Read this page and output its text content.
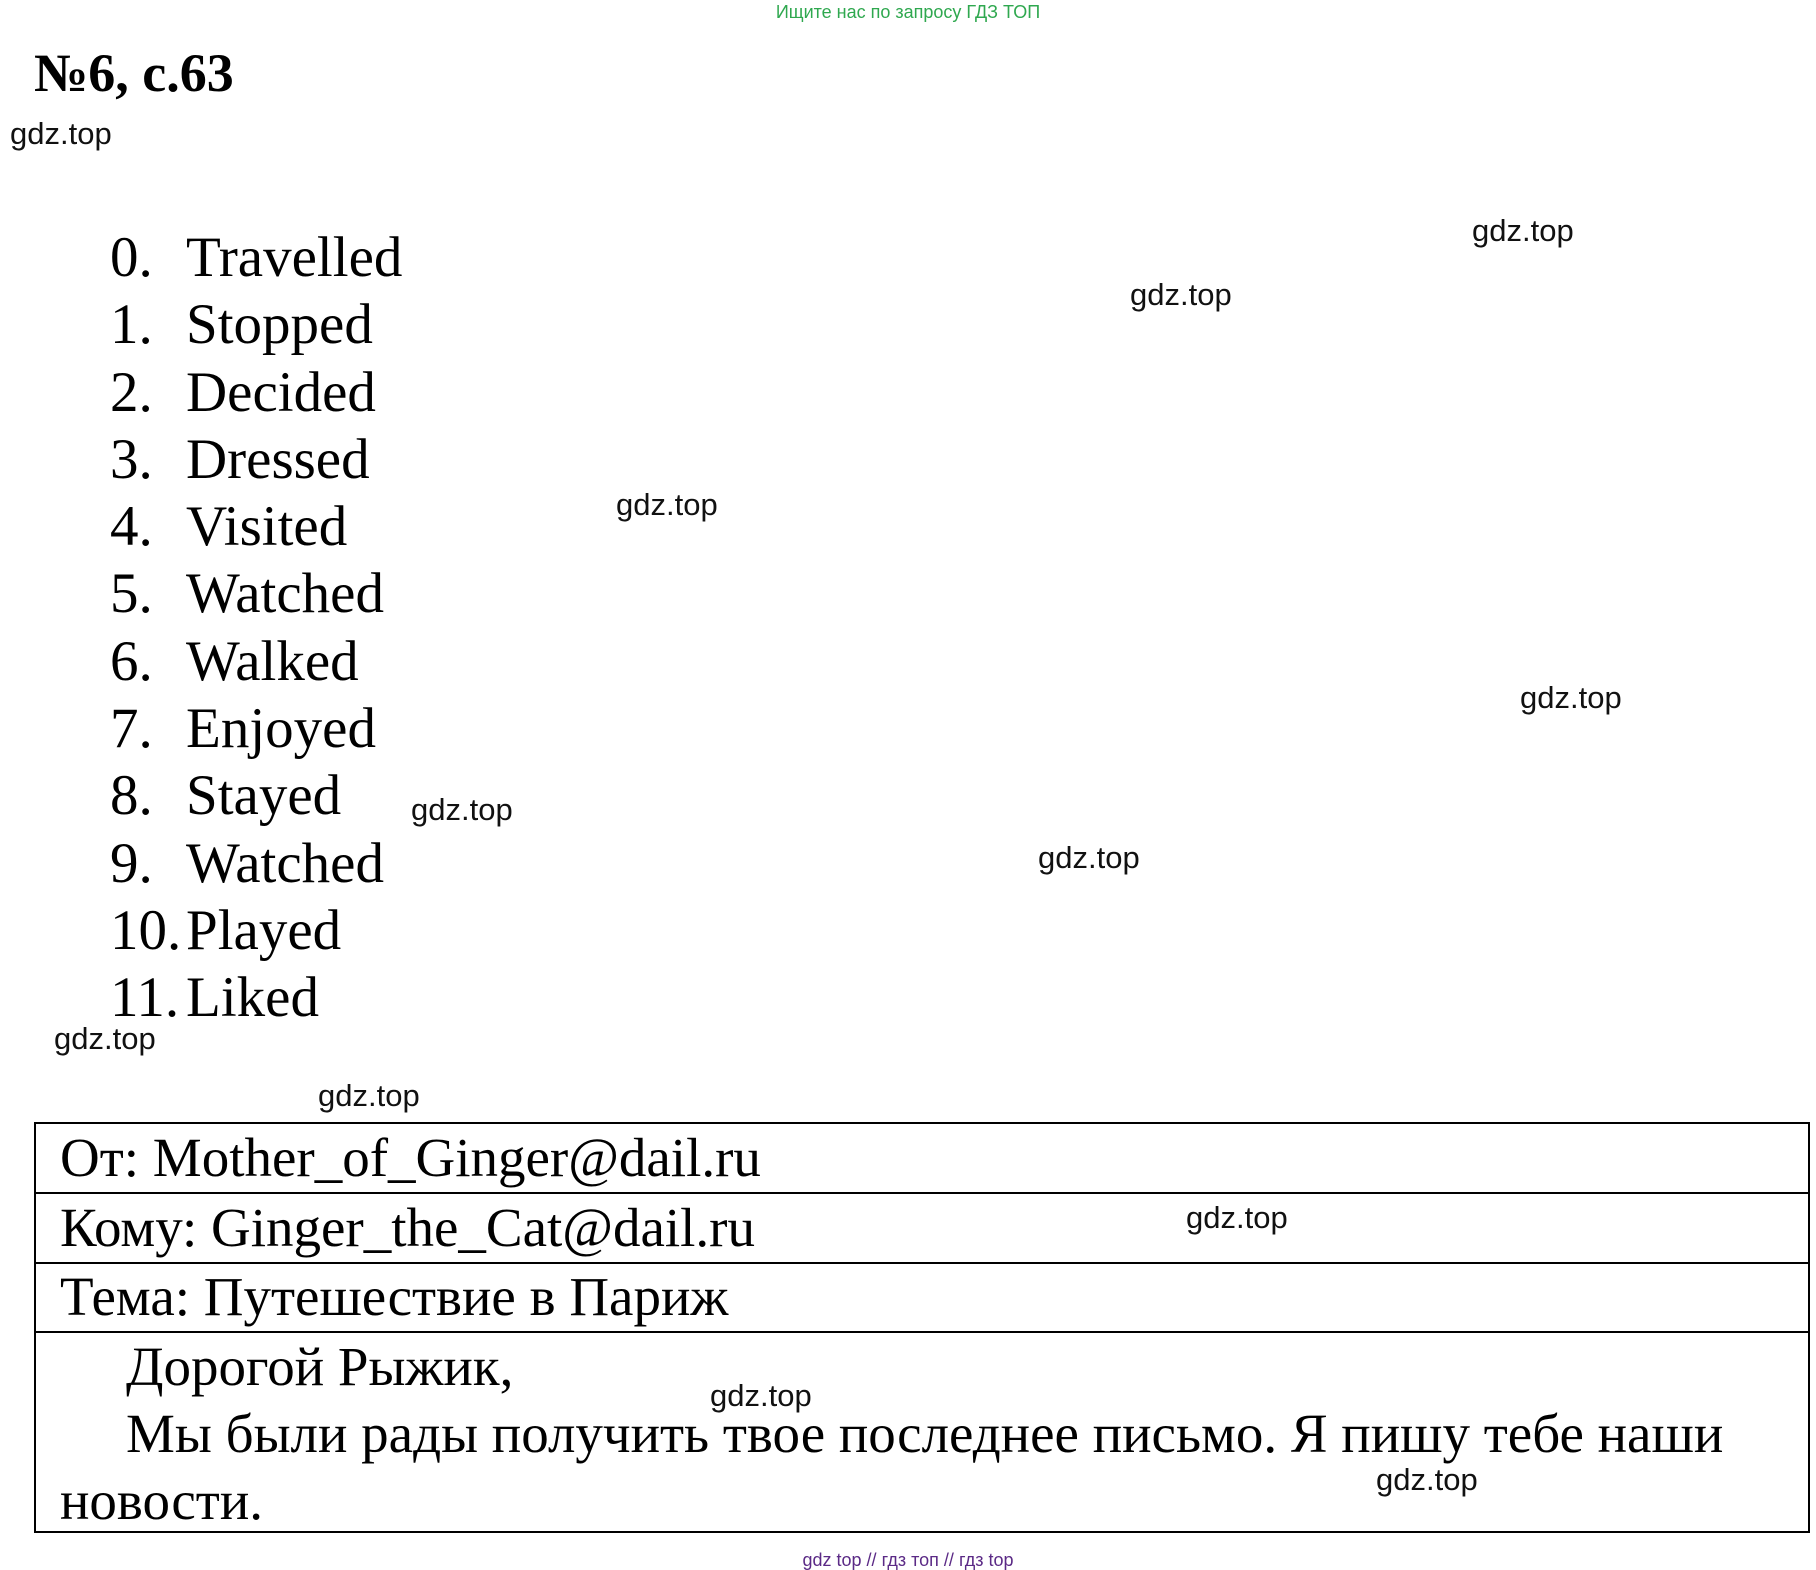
Ищите нас по запросу ГДЗ ТОП
№6, с.63
gdz.top
gdz.top
gdz.top
gdz.top
gdz.top
gdz.top
gdz.top
gdz.top
gdz.top
0. Travelled
1. Stopped
2. Decided
3. Dressed
4. Visited
5. Watched
6. Walked
7. Enjoyed
8. Stayed
9. Watched
10. Played
11. Liked
От: Mother_of_Ginger@dail.ru
Кому: Ginger_the_Cat@dail.ru
Тема: Путешествие в Париж

Дорогой Рыжик,

Мы были рады получить твое последнее письмо. Я пишу тебе наши новости.

gdz.top
gdz.top
gdz.top
gdz top // гдз топ // гдз top
